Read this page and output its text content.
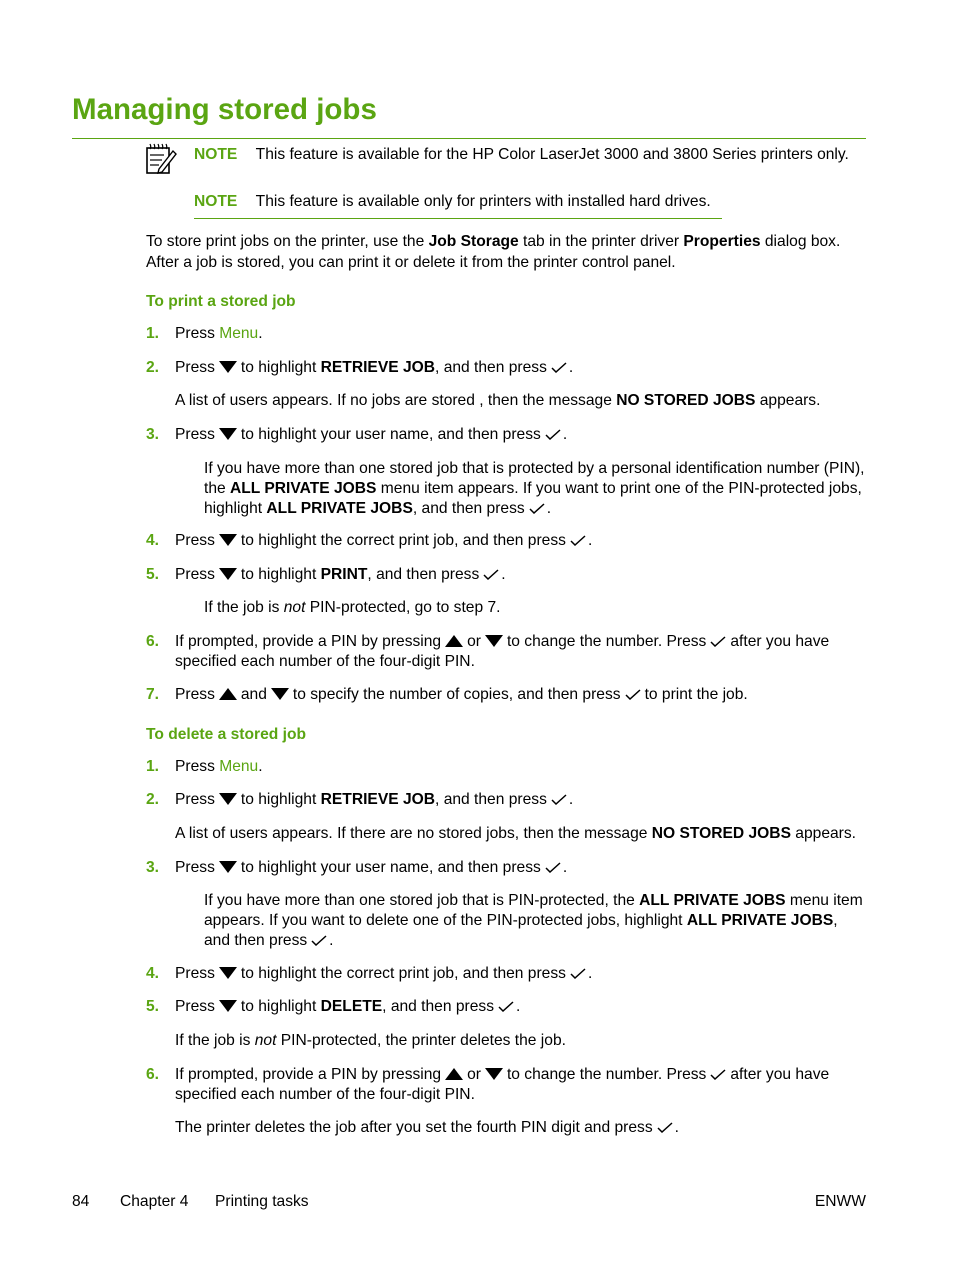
Managing stored jobs
NOTE This feature is available for the HP Color LaserJet 3000 and 3800 Series printers only.
NOTE This feature is available only for printers with installed hard drives.
To store print jobs on the printer, use the Job Storage tab in the printer driver Properties dialog box.
After a job is stored, you can print it or delete it from the printer control panel.
To print a stored job
1. Press Menu.
2. Press to highlight RETRIEVE JOB, and then press .
A list of users appears. If no jobs are stored , then the message NO STORED JOBS appears.
3. Press to highlight your user name, and then press .
If you have more than one stored job that is protected by a personal identification number (PIN),
the ALL PRIVATE JOBS menu item appears. If you want to print one of the PIN-protected jobs,
highlight ALL PRIVATE JOBS, and then press .
4. Press to highlight the correct print job, and then press .
5. Press to highlight PRINT, and then press .
If the job is not PIN-protected, go to step 7.
6. If prompted, provide a PIN by pressing or to change the number. Press after you have
specified each number of the four-digit PIN.
7. Press and to specify the number of copies, and then press to print the job.
To delete a stored job
1. Press Menu.
2. Press to highlight RETRIEVE JOB, and then press .
A list of users appears. If there are no stored jobs, then the message NO STORED JOBS appears.
3. Press to highlight your user name, and then press .
If you have more than one stored job that is PIN-protected, the ALL PRIVATE JOBS menu item
appears. If you want to delete one of the PIN-protected jobs, highlight ALL PRIVATE JOBS,
and then press .
4. Press to highlight the correct print job, and then press .
5. Press to highlight DELETE, and then press .
If the job is not PIN-protected, the printer deletes the job.
6. If prompted, provide a PIN by pressing or to change the number. Press after you have
specified each number of the four-digit PIN.
The printer deletes the job after you set the fourth PIN digit and press .
84 Chapter 4 Printing tasks	ENWW
